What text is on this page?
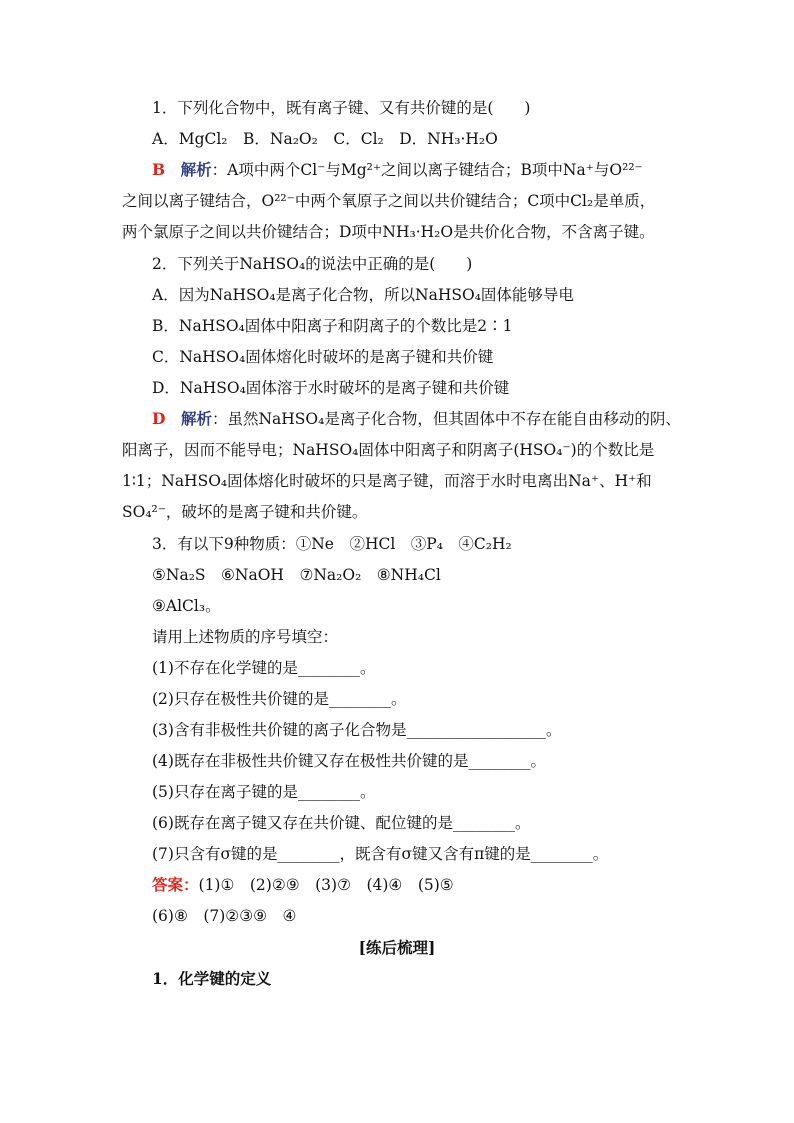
1．下列化合物中，既有离子键、又有共价键的是(　　)
A．MgCl₂　B．Na₂O₂　C．Cl₂　D．NH₃·H₂O
B　 解析：A项中两个Cl⁻与Mg²⁺之间以离子键结合；B项中Na⁺与O²²⁻
之间以离子键结合，O²²⁻中两个氧原子之间以共价键结合；C项中Cl₂是单质，
两个氯原子之间以共价键结合；D项中NH₃·H₂O是共价化合物，不含离子键。
2．下列关于NaHSO₄的说法中正确的是(　　)
A．因为NaHSO₄是离子化合物，所以NaHSO₄固体能够导电
B．NaHSO₄固体中阳离子和阴离子的个数比是2∶1
C．NaHSO₄固体熔化时破坏的是离子键和共价键
D．NaHSO₄固体溶于水时破坏的是离子键和共价键
D　 解析：虽然NaHSO₄是离子化合物，但其固体中不存在能自由移动的阴、
阳离子，因而不能导电；NaHSO₄固体中阳离子和阴离子(HSO₄⁻)的个数比是
1∶1；NaHSO₄固体熔化时破坏的只是离子键，而溶于水时电离出Na⁺、H⁺和
SO₄²⁻，破坏的是离子键和共价键。
3．有以下9种物质：①Ne　②HCl　③P₄　④C₂H₂
⑤Na₂S　⑥NaOH　⑦Na₂O₂　⑧NH₄Cl
⑨AlCl₃。
请用上述物质的序号填空：
(1)不存在化学键的是________。
(2)只存在极性共价键的是________。
(3)含有非极性共价键的离子化合物是__________________。
(4)既存在非极性共价键又存在极性共价键的是________。
(5)只存在离子键的是________。
(6)既存在离子键又存在共价键、配位键的是________。
(7)只含有σ键的是________，既含有σ键又含有π键的是________。
答案：(1)①　(2)②⑨　(3)⑦　(4)④　(5)⑤
(6)⑧　(7)②③⑨　④
[练后梳理]
1．化学键的定义
